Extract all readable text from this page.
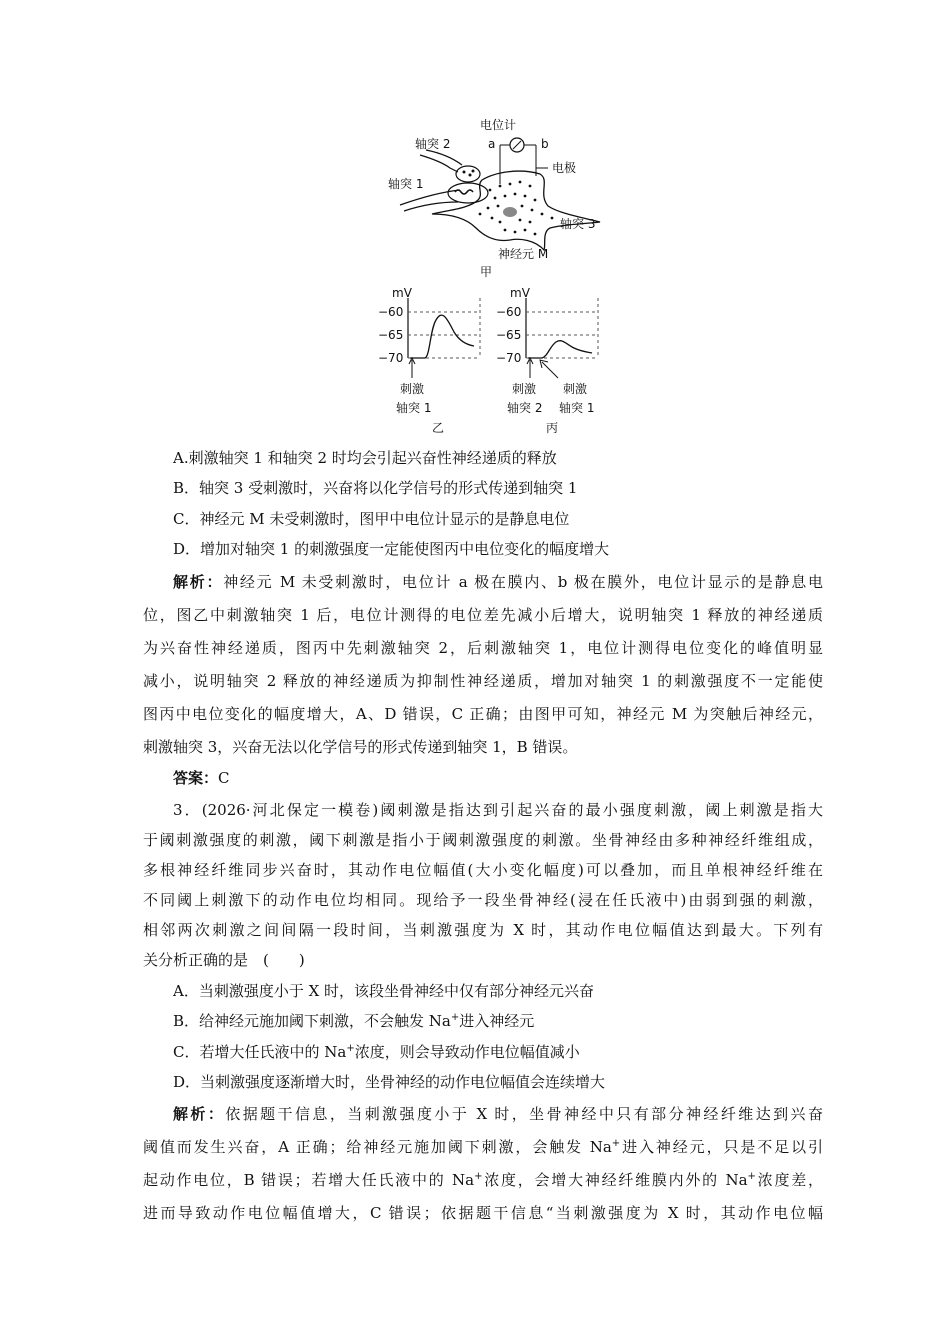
电位计
a	b
电极
轴突 2
轴突 1
轴突 3
神经元 M
甲
mV
−60
−65
−70
刺激
轴突 1
乙
mV
−60
−65
−70
刺激
轴突 2
刺激
轴突 1
丙
A.刺激轴突 1 和轴突 2 时均会引起兴奋性神经递质的释放
B．轴突 3 受刺激时，兴奋将以化学信号的形式传递到轴突 1
C．神经元 M 未受刺激时，图甲中电位计显示的是静息电位
D．增加对轴突 1 的刺激强度一定能使图丙中电位变化的幅度增大
解析：神经元 M 未受刺激时，电位计 a 极在膜内、b 极在膜外，电位计显示的是静息电
位，图乙中刺激轴突 1 后，电位计测得的电位差先减小后增大，说明轴突 1 释放的神经递质
为兴奋性神经递质，图丙中先刺激轴突 2，后刺激轴突 1，电位计测得电位变化的峰值明显
减小，说明轴突 2 释放的神经递质为抑制性神经递质，增加对轴突 1 的刺激强度不一定能使
图丙中电位变化的幅度增大，A、D 错误，C 正确；由图甲可知，神经元 M 为突触后神经元，
刺激轴突 3，兴奋无法以化学信号的形式传递到轴突 1，B 错误。
答案：C
3．(2026·河北保定一模卷)阈刺激是指达到引起兴奋的最小强度刺激，阈上刺激是指大
于阈刺激强度的刺激，阈下刺激是指小于阈刺激强度的刺激。坐骨神经由多种神经纤维组成，
多根神经纤维同步兴奋时，其动作电位幅值(大小变化幅度)可以叠加，而且单根神经纤维在
不同阈上刺激下的动作电位均相同。现给予一段坐骨神经(浸在任氏液中)由弱到强的刺激，
相邻两次刺激之间间隔一段时间，当刺激强度为 X 时，其动作电位幅值达到最大。下列有
关分析正确的是　(　　)
A．当刺激强度小于 X 时，该段坐骨神经中仅有部分神经元兴奋
B．给神经元施加阈下刺激，不会触发 Na+进入神经元
C．若增大任氏液中的 Na+浓度，则会导致动作电位幅值减小
D．当刺激强度逐渐增大时，坐骨神经的动作电位幅值会连续增大
解析：依据题干信息，当刺激强度小于 X 时，坐骨神经中只有部分神经纤维达到兴奋
阈值而发生兴奋，A 正确；给神经元施加阈下刺激，会触发 Na+进入神经元，只是不足以引
起动作电位，B 错误；若增大任氏液中的 Na+浓度，会增大神经纤维膜内外的 Na+浓度差，
进而导致动作电位幅值增大，C 错误；依据题干信息“当刺激强度为 X 时，其动作电位幅
